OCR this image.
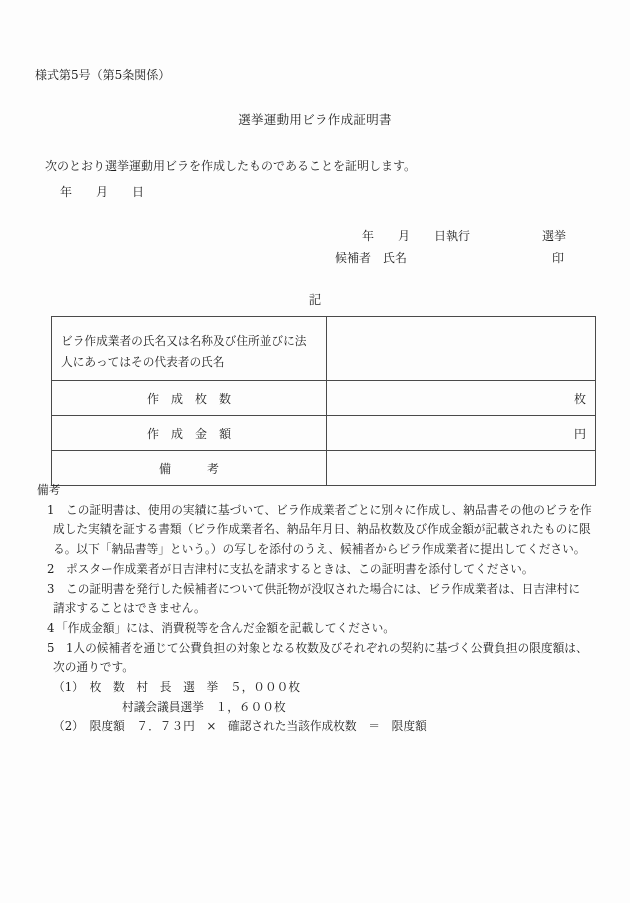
様式第5号（第5条関係）
選挙運動用ビラ作成証明書
次のとおり選挙運動用ビラを作成したものであることを証明します。
年　　月　　日
年　　月　　日執行	選挙
候補者　氏名	印
記
ビラ作成業者の氏名又は名称及び住所並びに法
人にあってはその代表者の氏名	

作　成　枚　数	枚
作　成　金　額	円
備　　　考	
備考
1 この証明書は、使用の実績に基づいて、ビラ作成業者ごとに別々に作成し、納品書その他のビラを作
成した実績を証する書類（ビラ作成業者名、納品年月日、納品枚数及び作成金額が記載されたものに限
る。以下「納品書等」という。）の写しを添付のうえ、候補者からビラ作成業者に提出してください。
2 ポスター作成業者が日吉津村に支払を請求するときは、この証明書を添付してください。
3 この証明書を発行した候補者について供託物が没収された場合には、ビラ作成業者は、日吉津村に
請求することはできません。
4 「作成金額」には、消費税等を含んだ金額を記載してください。
5 1人の候補者を通じて公費負担の対象となる枚数及びそれぞれの契約に基づく公費負担の限度額は、
次の通りです。
（1）　枚　数　村　長　選　挙　５，０００枚
村議会議員選挙　１，６００枚
（2）　限度額　７．７３円　×　確認された当該作成枚数　＝　限度額
